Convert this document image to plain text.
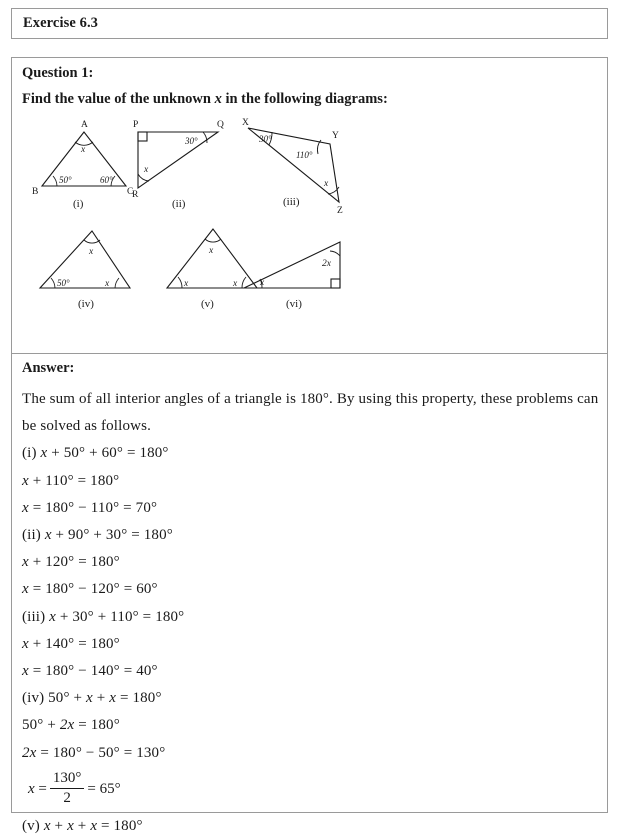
Exercise 6.3
Question 1:
Find the value of the unknown x in the following diagrams:
A
B	C
x
50°	60°
(i)
P	Q
R
30°
x
(ii)
X
Y
Z
30°
110°
x
(iii)
x
50°	x
(iv)
x
x	x
(v)
x
2x
(vi)
Answer:
The sum of all interior angles of a triangle is 180°. By using this property, these problems can be solved as follows.
(i) x + 50° + 60° = 180°
x + 110° = 180°
x = 180° − 110° = 70°
(ii) x + 90° + 30° = 180°
x + 120° = 180°
x = 180° − 120° = 60°
(iii) x + 30° + 110° = 180°
x + 140° = 180°
x = 180° − 140° = 40°
(iv) 50° + x + x = 180°
50° + 2x = 180°
2x = 180° − 50° = 130°
$x = \frac{130^\circ}{2} = 65^\circ$
(v) x + x + x = 180°
